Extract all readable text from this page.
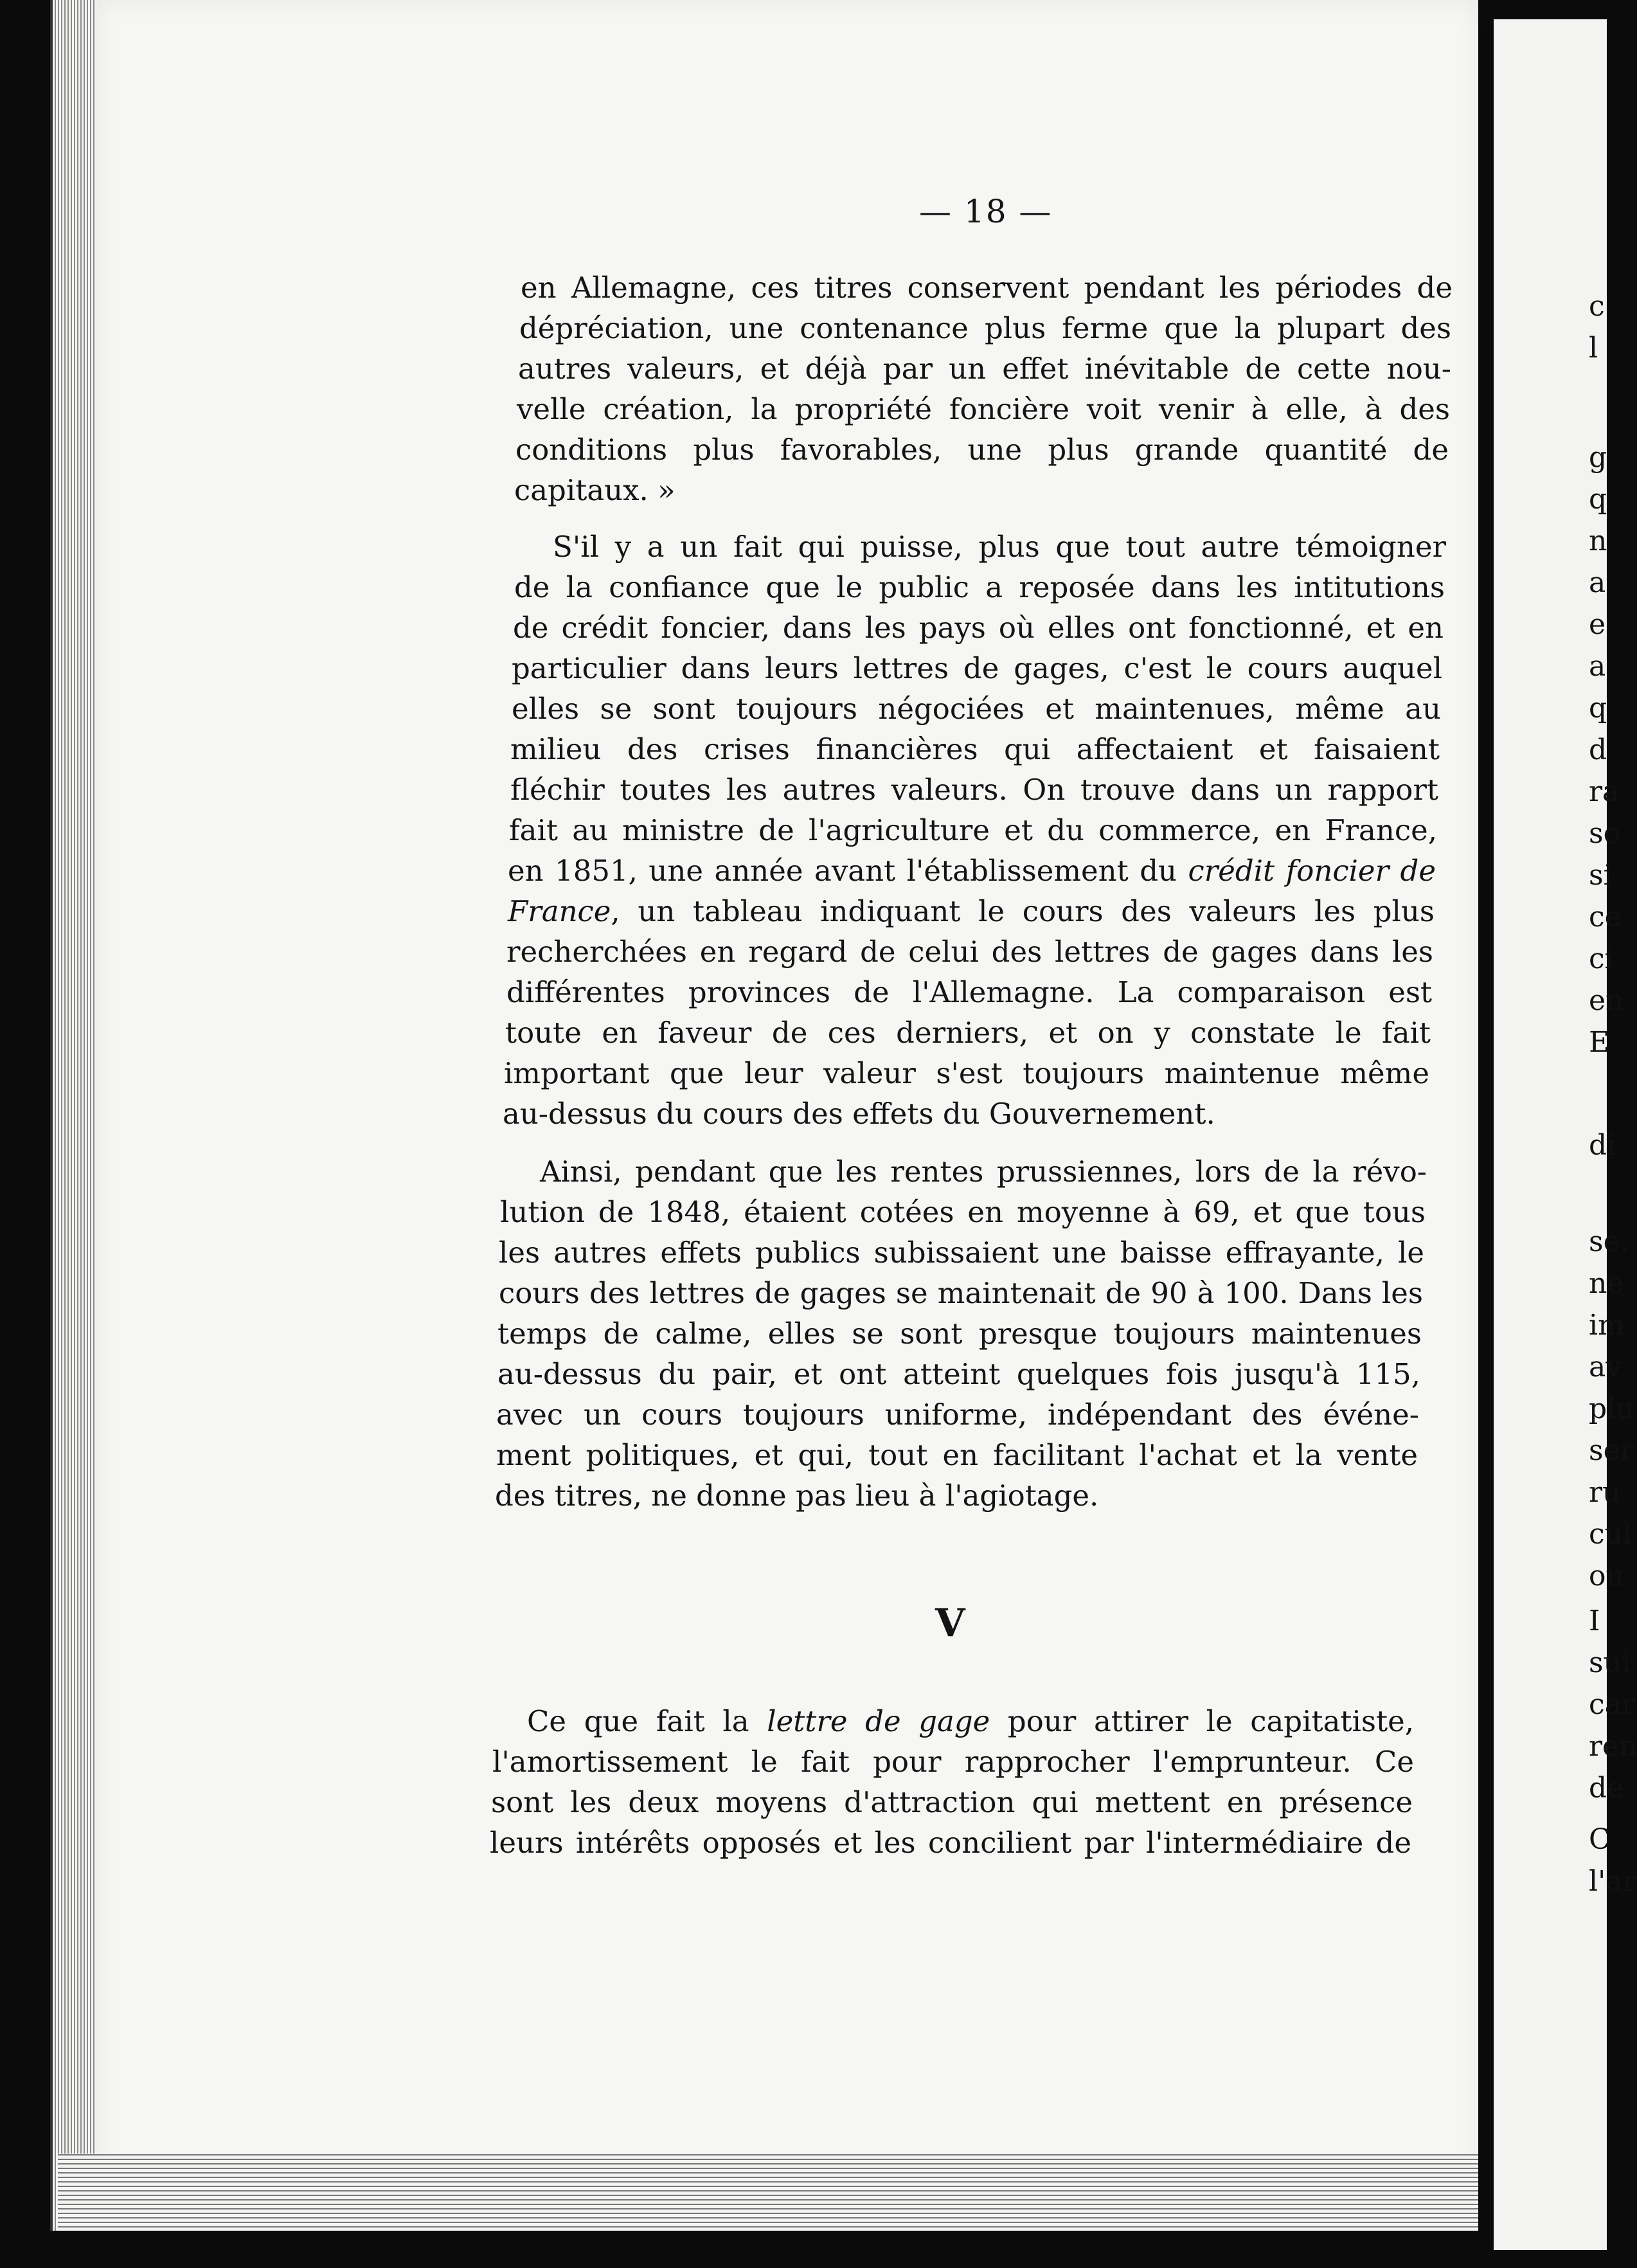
c
l
g
q
n
a
e
a
q
d
ra
so
si
ce
ci
en
E
di
se.
ne
im
av
plu
ser
ru
cul
ou
I
sui
car
ren
de
C
l'ar
— 18 —
en Allemagne, ces titres conservent pendant les périodes de
dépréciation, une contenance plus ferme que la plupart des
autres valeurs, et déjà par un effet inévitable de cette nou-
velle création, la propriété foncière voit venir à elle, à des
conditions plus favorables, une plus grande quantité de
capitaux. »
S'il y a un fait qui puisse, plus que tout autre témoigner
de la confiance que le public a reposée dans les intitutions
de crédit foncier, dans les pays où elles ont fonctionné, et en
particulier dans leurs lettres de gages, c'est le cours auquel
elles se sont toujours négociées et maintenues, même au
milieu des crises financières qui affectaient et faisaient
fléchir toutes les autres valeurs. On trouve dans un rapport
fait au ministre de l'agriculture et du commerce, en France,
en 1851, une année avant l'établissement du crédit foncier de
France, un tableau indiquant le cours des valeurs les plus
recherchées en regard de celui des lettres de gages dans les
différentes provinces de l'Allemagne. La comparaison est
toute en faveur de ces derniers, et on y constate le fait
important que leur valeur s'est toujours maintenue même
au-dessus du cours des effets du Gouvernement.
Ainsi, pendant que les rentes prussiennes, lors de la révo-
lution de 1848, étaient cotées en moyenne à 69, et que tous
les autres effets publics subissaient une baisse effrayante, le
cours des lettres de gages se maintenait de 90 à 100. Dans les
temps de calme, elles se sont presque toujours maintenues
au-dessus du pair, et ont atteint quelques fois jusqu'à 115,
avec un cours toujours uniforme, indépendant des événe-
ment politiques, et qui, tout en facilitant l'achat et la vente
des titres, ne donne pas lieu à l'agiotage.
V
Ce que fait la lettre de gage pour attirer le capitatiste,
l'amortissement le fait pour rapprocher l'emprunteur. Ce
sont les deux moyens d'attraction qui mettent en présence
leurs intérêts opposés et les concilient par l'intermédiaire de
